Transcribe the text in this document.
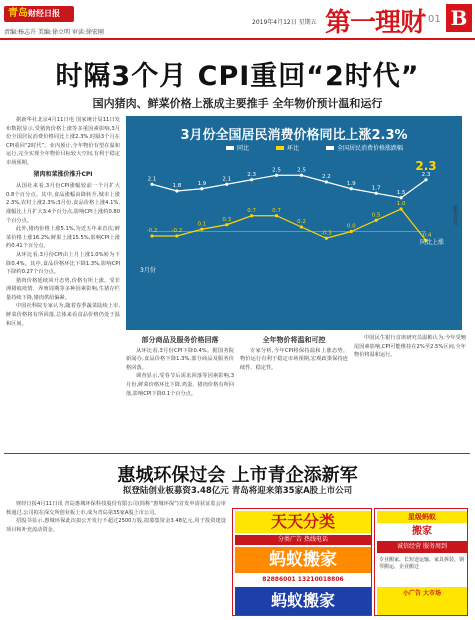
青岛财经日报
责编:杨志升 美编:徐立明 审读:徐宏刚
2019年4月12日 星期五 第一理财 01 B
时隔3个月 CPI重回“2时代”
国内猪肉、鲜菜价格上涨成主要推手 全年物价预计温和运行

据新华社北京4月11日电 国家统计局11日发布数据显示,受猪肉价格上涨等多重因素影响,3月份全国居民消费价格同比上涨2.3%,时隔3个月在CPI重回“2时代”。业内预计,全年物价有望在温和运行,完全实现全年物价目标较大空间,有利于稳定市场预期。

猪肉和菜涨价推升CPI

从国社来看,3月份CPI涨幅较前一个月扩大0.8个百分点。其中,食品涨幅由降转升,城市上涨2.3%,农村上涨2.3%;3月份,食品价格上涨4.1%,涨幅比上月扩大3.4个百分点,影响CPI上涨约0.80个百分点。

此外,猪肉价格上涨5.1%,为近五年来首次;鲜菜价格上涨16.2%;鲜果上涨15.5%,影响CPI上涨约0.41个百分点。

从环比看,3月份CPI由上月上涨1.0%转为下降0.4%。其中,食品价格环比下降1.3%,影响CPI下降约0.27个百分点。

猪肉价格延续回升态势,价格有所上涨。受非洲猪瘟疫情、养殖周期等多种因素影响,生猪存栏量持续下降,猪肉供给偏紧。

中国社科院专家认为,随着春季蔬菜陆续上市,鲜菜价格将有所回落,总体来看食品价格仍处于温和区间。

3月份全国居民消费价格同比上涨2.3%
同比	环比	全国居民消费价格涨跌幅
2.1
1.8	1.9
2.1
2.3
2.5	2.5
2.2
1.9
1.7
1.5
2.3
-0.2	-0.2
0.1
0.3
0.7	0.7
0.2
-0.3
0.0
0.5
1.0
-0.4
2.3
同比上涨
3月份
新华社发
部分商品及服务价格回落

从环比看,3月份CPI下降0.4%。据国务院新闻办,食品价格下降1.3%,部分商品及服务价格回落。

调查显示,受春节后需求回落等因素影响,3月份,鲜菜价格环比下降,鸡蛋、猪肉价格有所回落,影响CPI下降0.1个百分点。

全年物价将温和可控

专家分析,今年CPI将保持温和上涨态势。物价运行有利于稳定市场预期,宏观政策保持连续性、稳定性。

中国民生银行首席研究员温彬认为,今年受翘尾因素影响,CPI可能维持在2%至2.5%区间,全年物价将温和运行。

惠城环保过会 上市青企添新军
拟登陆创业板募资3.48亿元 青岛将迎来第35家A股上市公司

财经日报4月11日讯 青岛惠城环保科技股份有限公司(简称“惠城环保”)首发申请获证监会审核通过,公司拟在深交所创业板上市,成为青岛第35家A股上市公司。

招股书显示,惠城环保此次拟公开发行不超过2500万股,拟募集资金3.48亿元,用于投资建设项目和补充流动资金。	天天分类
分类广告 热线电话
蚂蚁搬家
82886001 13210018806
蚂蚁搬家
星级蚂蚁
搬家
诚信经营 服务周到
专业搬家、长短途运输、家具拆装、钢琴搬运、企业搬迁
小广告 大市场
